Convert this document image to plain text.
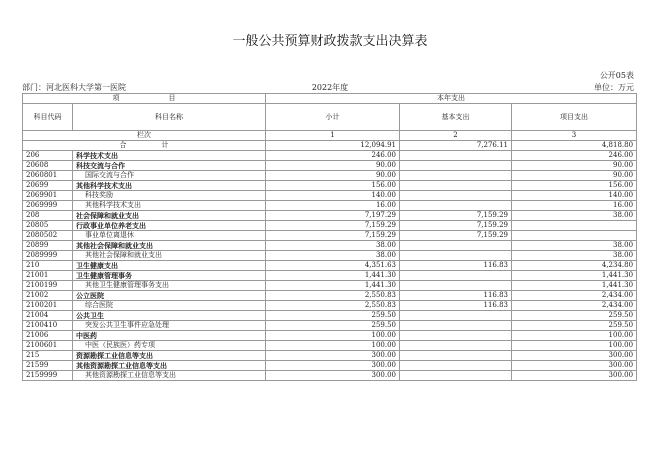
一般公共预算财政拨款支出决算表
公开05表
部门：河北医科大学第一医院	2022年度	单位：万元
项　　　　　　　目		本年支出		
科目代码	科目名称	小计	基本支出	项目支出
栏次		1	2	3
合　　　　　计		12,094.91	7,276.11	4,818.80
206	科学技术支出	246.00		246.00
20608	科技交流与合作	90.00		90.00
2060801	国际交流与合作	90.00		90.00
20699	其他科学技术支出	156.00		156.00
2069901	科技奖励	140.00		140.00
2069999	其他科学技术支出	16.00		16.00
208	社会保障和就业支出	7,197.29	7,159.29	38.00
20805	行政事业单位养老支出	7,159.29	7,159.29	
2080502	事业单位离退休	7,159.29	7,159.29	
20899	其他社会保障和就业支出	38.00		38.00
2089999	其他社会保障和就业支出	38.00		38.00
210	卫生健康支出	4,351.63	116.83	4,234.80
21001	卫生健康管理事务	1,441.30		1,441.30
2100199	其他卫生健康管理事务支出	1,441.30		1,441.30
21002	公立医院	2,550.83	116.83	2,434.00
2100201	综合医院	2,550.83	116.83	2,434.00
21004	公共卫生	259.50		259.50
2100410	突发公共卫生事件应急处理	259.50		259.50
21006	中医药	100.00		100.00
2100601	中医（民族医）药专项	100.00		100.00
215	资源勘探工业信息等支出	300.00		300.00
21599	其他资源勘探工业信息等支出	300.00		300.00
2159999	其他资源勘探工业信息等支出	300.00		300.00
